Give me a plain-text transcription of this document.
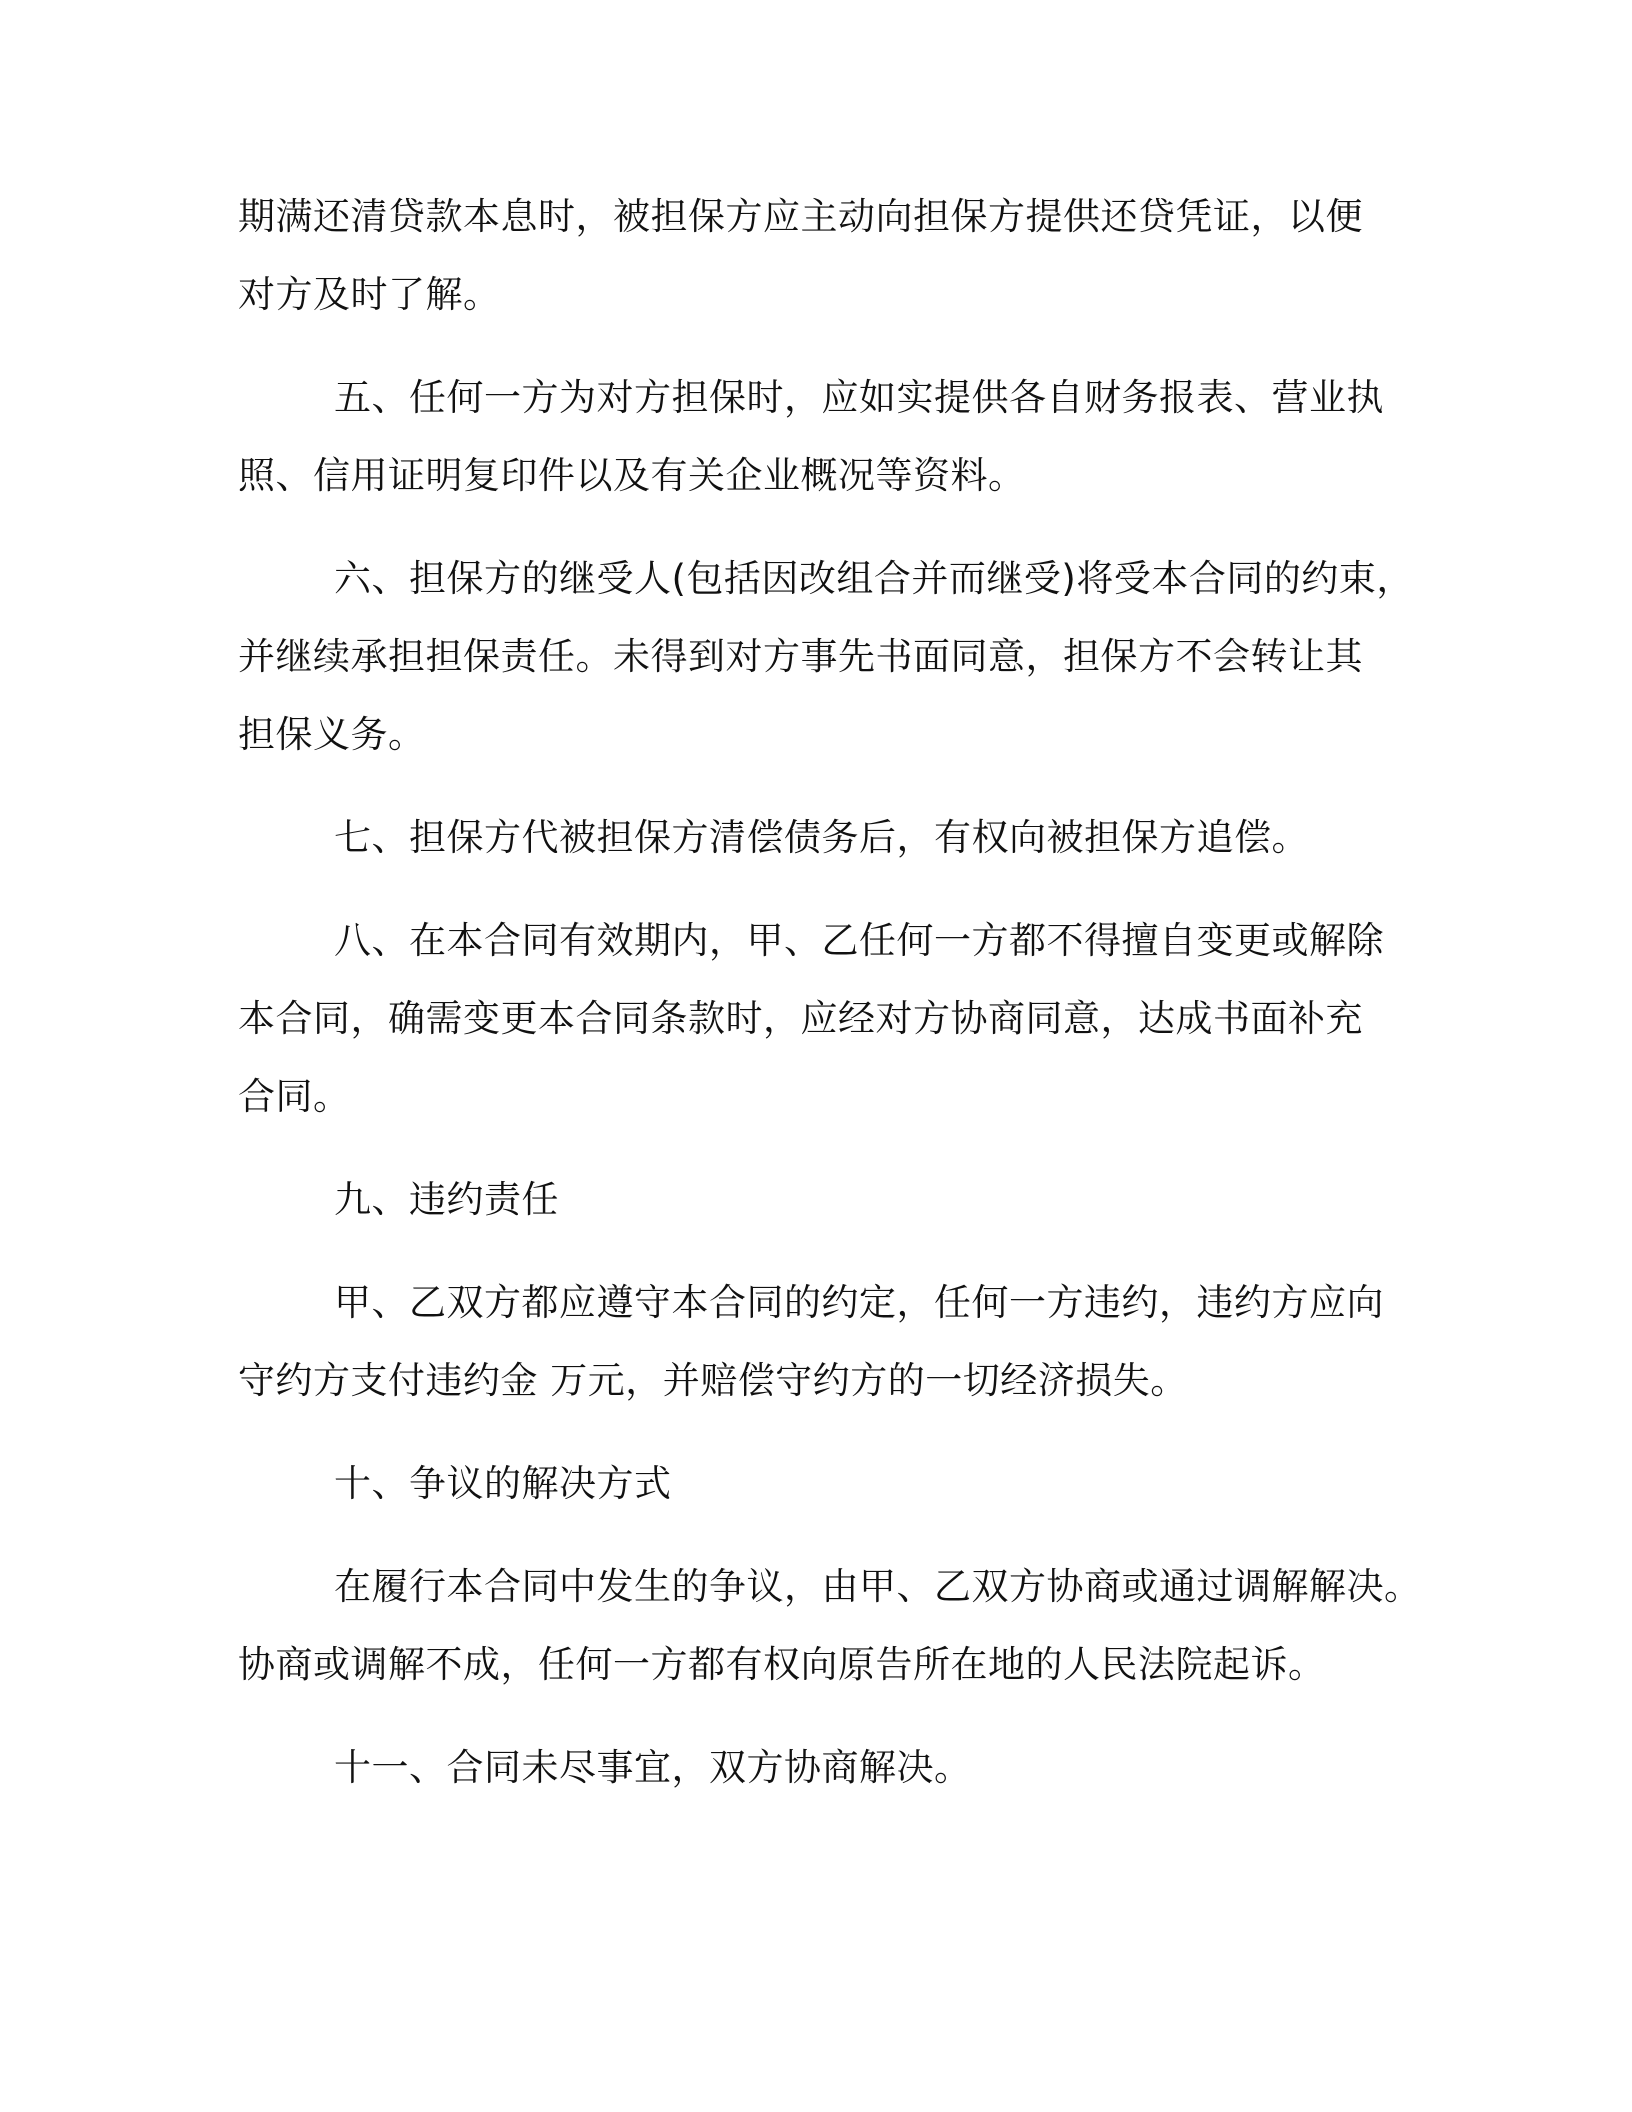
期满还清贷款本息时，被担保方应主动向担保方提供还贷凭证，以便
对方及时了解。
五、任何一方为对方担保时，应如实提供各自财务报表、营业执
照、信用证明复印件以及有关企业概况等资料。
六、担保方的继受人(包括因改组合并而继受)将受本合同的约束，
并继续承担担保责任。未得到对方事先书面同意，担保方不会转让其
担保义务。
七、担保方代被担保方清偿债务后，有权向被担保方追偿。
八、在本合同有效期内，甲、乙任何一方都不得擅自变更或解除
本合同，确需变更本合同条款时，应经对方协商同意，达成书面补充
合同。
九、违约责任
甲、乙双方都应遵守本合同的约定，任何一方违约，违约方应向
守约方支付违约金 万元，并赔偿守约方的一切经济损失。
十、争议的解决方式
在履行本合同中发生的争议，由甲、乙双方协商或通过调解解决。
协商或调解不成，任何一方都有权向原告所在地的人民法院起诉。
十一、合同未尽事宜，双方协商解决。
